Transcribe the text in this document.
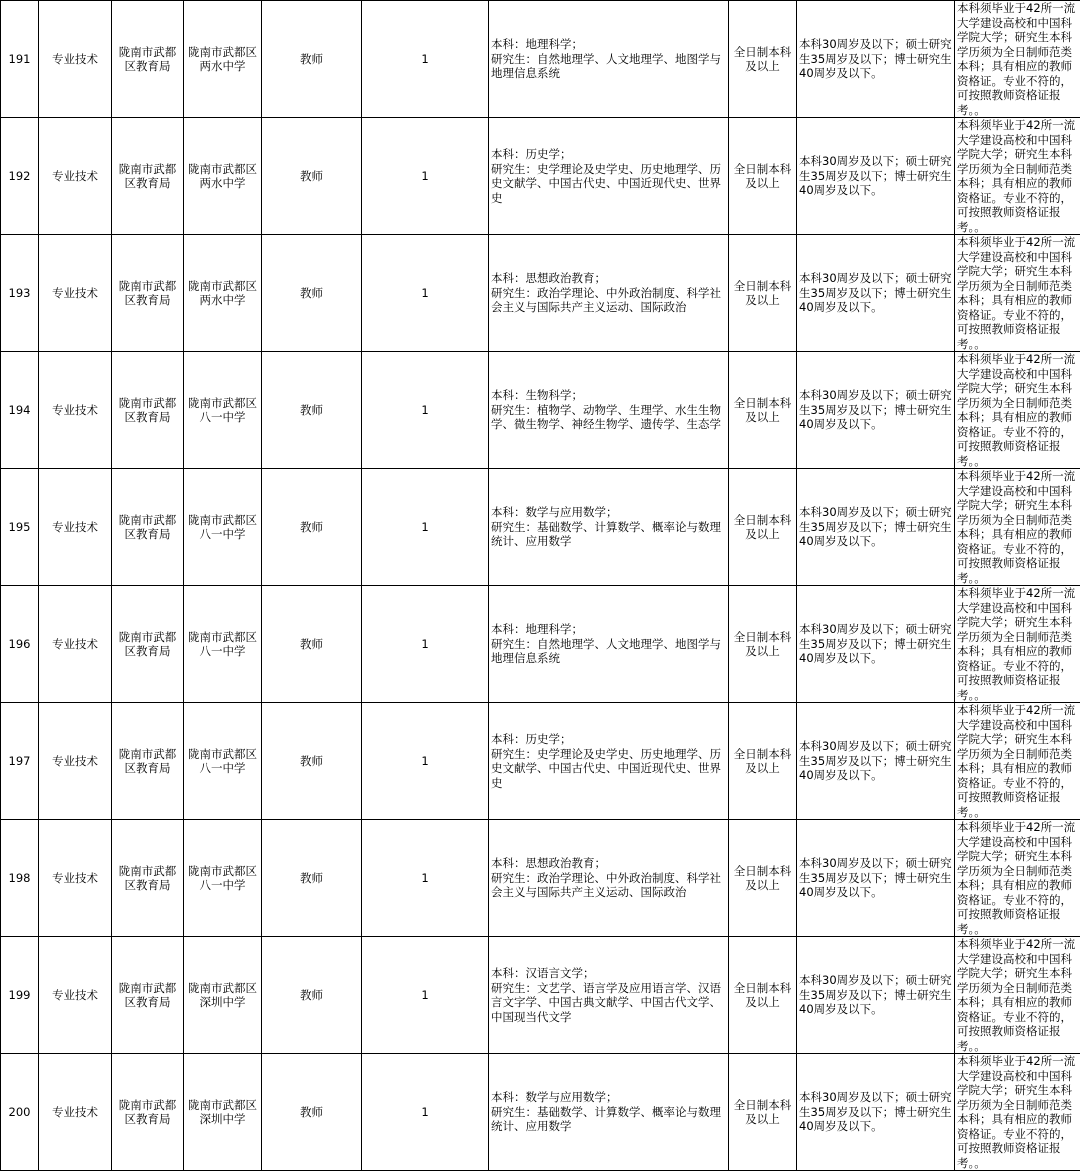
191	专业技术	陇南市武都区教育局	陇南市武都区两水中学	教师	1	本科：地理科学；
研究生：自然地理学、人文地理学、地图学与地理信息系统	全日制本科及以上	本科30周岁及以下；硕士研究生35周岁及以下；博士研究生40周岁及以下。	本科须毕业于42所一流大学建设高校和中国科学院大学；研究生本科学历须为全日制师范类本科；具有相应的教师资格证。专业不符的，可按照教师资格证报考。。
192	专业技术	陇南市武都区教育局	陇南市武都区两水中学	教师	1	本科：历史学；
研究生：史学理论及史学史、历史地理学、历史文献学、中国古代史、中国近现代史、世界史	全日制本科及以上	本科30周岁及以下；硕士研究生35周岁及以下；博士研究生40周岁及以下。	本科须毕业于42所一流大学建设高校和中国科学院大学；研究生本科学历须为全日制师范类本科；具有相应的教师资格证。专业不符的，可按照教师资格证报考。。
193	专业技术	陇南市武都区教育局	陇南市武都区两水中学	教师	1	本科：思想政治教育；
研究生：政治学理论、中外政治制度、科学社会主义与国际共产主义运动、国际政治	全日制本科及以上	本科30周岁及以下；硕士研究生35周岁及以下；博士研究生40周岁及以下。	本科须毕业于42所一流大学建设高校和中国科学院大学；研究生本科学历须为全日制师范类本科；具有相应的教师资格证。专业不符的，可按照教师资格证报考。。
194	专业技术	陇南市武都区教育局	陇南市武都区八一中学	教师	1	本科：生物科学；
研究生：植物学、动物学、生理学、水生生物学、微生物学、神经生物学、遗传学、生态学	全日制本科及以上	本科30周岁及以下；硕士研究生35周岁及以下；博士研究生40周岁及以下。	本科须毕业于42所一流大学建设高校和中国科学院大学；研究生本科学历须为全日制师范类本科；具有相应的教师资格证。专业不符的，可按照教师资格证报考。。
195	专业技术	陇南市武都区教育局	陇南市武都区八一中学	教师	1	本科：数学与应用数学；
研究生：基础数学、计算数学、概率论与数理统计、应用数学	全日制本科及以上	本科30周岁及以下；硕士研究生35周岁及以下；博士研究生40周岁及以下。	本科须毕业于42所一流大学建设高校和中国科学院大学；研究生本科学历须为全日制师范类本科；具有相应的教师资格证。专业不符的，可按照教师资格证报考。。
196	专业技术	陇南市武都区教育局	陇南市武都区八一中学	教师	1	本科：地理科学；
研究生：自然地理学、人文地理学、地图学与地理信息系统	全日制本科及以上	本科30周岁及以下；硕士研究生35周岁及以下；博士研究生40周岁及以下。	本科须毕业于42所一流大学建设高校和中国科学院大学；研究生本科学历须为全日制师范类本科；具有相应的教师资格证。专业不符的，可按照教师资格证报考。。
197	专业技术	陇南市武都区教育局	陇南市武都区八一中学	教师	1	本科：历史学；
研究生：史学理论及史学史、历史地理学、历史文献学、中国古代史、中国近现代史、世界史	全日制本科及以上	本科30周岁及以下；硕士研究生35周岁及以下；博士研究生40周岁及以下。	本科须毕业于42所一流大学建设高校和中国科学院大学；研究生本科学历须为全日制师范类本科；具有相应的教师资格证。专业不符的，可按照教师资格证报考。。
198	专业技术	陇南市武都区教育局	陇南市武都区八一中学	教师	1	本科：思想政治教育；
研究生：政治学理论、中外政治制度、科学社会主义与国际共产主义运动、国际政治	全日制本科及以上	本科30周岁及以下；硕士研究生35周岁及以下；博士研究生40周岁及以下。	本科须毕业于42所一流大学建设高校和中国科学院大学；研究生本科学历须为全日制师范类本科；具有相应的教师资格证。专业不符的，可按照教师资格证报考。。
199	专业技术	陇南市武都区教育局	陇南市武都区深圳中学	教师	1	本科：汉语言文学；
研究生：文艺学、语言学及应用语言学、汉语言文字学、中国古典文献学、中国古代文学、中国现当代文学	全日制本科及以上	本科30周岁及以下；硕士研究生35周岁及以下；博士研究生40周岁及以下。	本科须毕业于42所一流大学建设高校和中国科学院大学；研究生本科学历须为全日制师范类本科；具有相应的教师资格证。专业不符的，可按照教师资格证报考。。
200	专业技术	陇南市武都区教育局	陇南市武都区深圳中学	教师	1	本科：数学与应用数学；
研究生：基础数学、计算数学、概率论与数理统计、应用数学	全日制本科及以上	本科30周岁及以下；硕士研究生35周岁及以下；博士研究生40周岁及以下。	本科须毕业于42所一流大学建设高校和中国科学院大学；研究生本科学历须为全日制师范类本科；具有相应的教师资格证。专业不符的，可按照教师资格证报考。。
